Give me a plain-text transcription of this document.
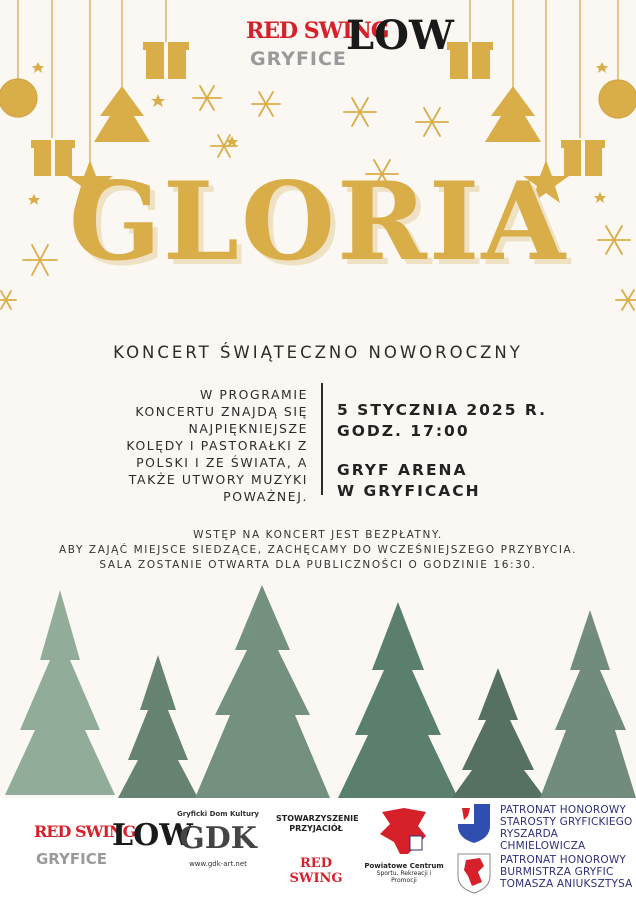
RED SWING
LOW
GRYFICE
GLORIA
KONCERT ŚWIĄTECZNO NOWOROCZNY
W PROGRAMIE
KONCERTU ZNAJDĄ SIĘ
NAJPIĘKNIEJSZE
KOLĘDY I PASTORAŁKI Z
POLSKI I ZE ŚWIATA, A
TAKŻE UTWORY MUZYKI
POWAŻNEJ.
5 STYCZNIA 2025 R.
GODZ. 17:00
GRYF ARENA
W GRYFICACH
WSTĘP NA KONCERT JEST BEZPŁATNY.
ABY ZAJĄĆ MIEJSCE SIEDZĄCE, ZACHĘCAMY DO WCZEŚNIEJSZEGO PRZYBYCIA.
SALA ZOSTANIE OTWARTA DLA PUBLICZNOŚCI O GODZINIE 16:30.
RED SWING
LOW
GRYFICE
Gryficki Dom Kultury
GDK
www.gdk-art.net
STOWARZYSZENIE PRZYJACIÓŁ
RED SWING
Powiatowe Centrum
Sportu, Rekreacji i Promocji
PATRONAT HONOROWY
STAROSTY GRYFICKIEGO
RYSZARDA CHMIELOWICZA
PATRONAT HONOROWY
BURMISTRZA GRYFIC
TOMASZA ANIUKSZTYSA
